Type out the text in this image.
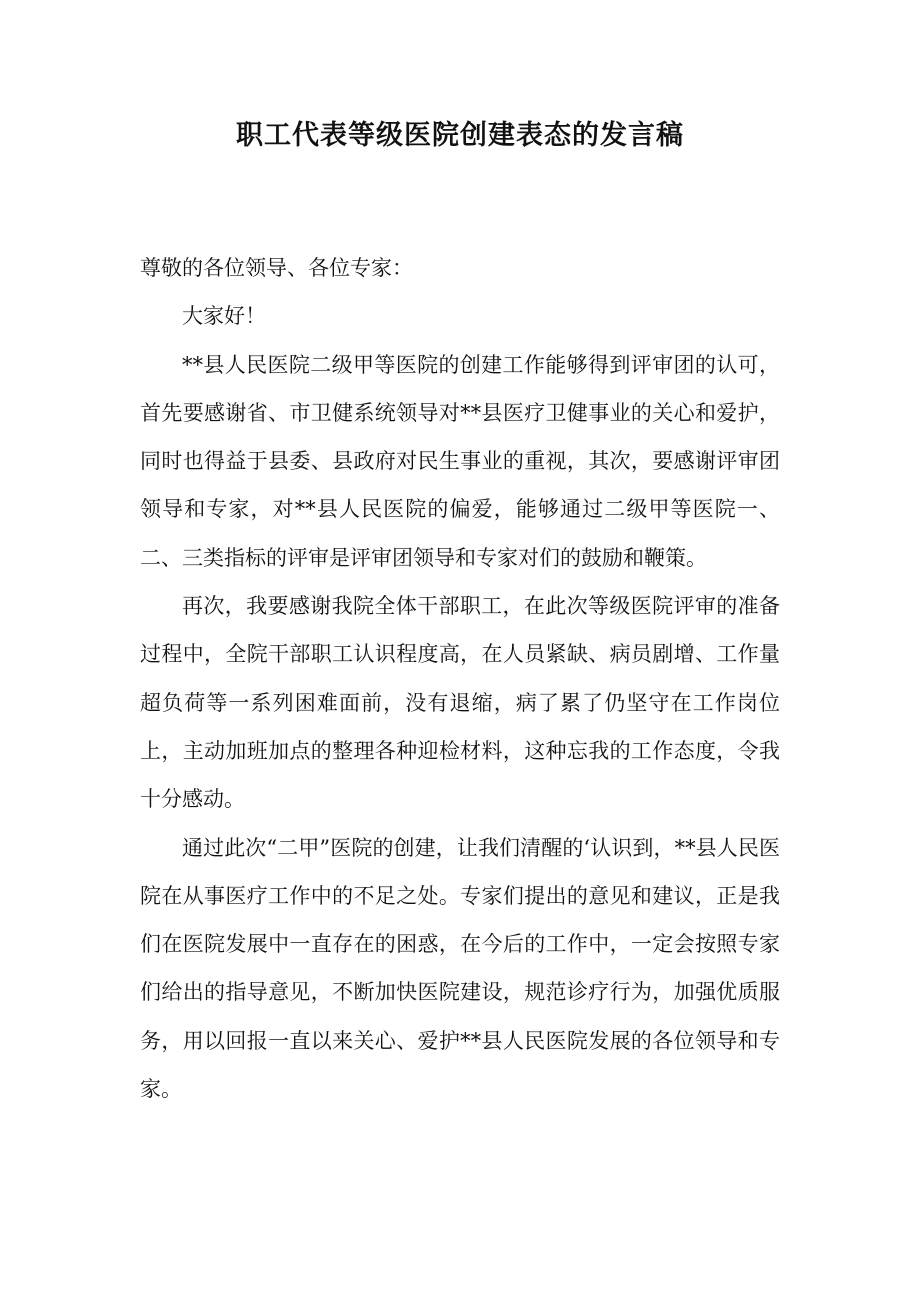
职工代表等级医院创建表态的发言稿

尊敬的各位领导、各位专家：

大家好！

**县人民医院二级甲等医院的创建工作能够得到评审团的认可，首先要感谢省、市卫健系统领导对**县医疗卫健事业的关心和爱护，同时也得益于县委、县政府对民生事业的重视，其次，要感谢评审团领导和专家，对**县人民医院的偏爱，能够通过二级甲等医院一、二、三类指标的评审是评审团领导和专家对们的鼓励和鞭策。

再次，我要感谢我院全体干部职工，在此次等级医院评审的准备过程中，全院干部职工认识程度高，在人员紧缺、病员剧增、工作量超负荷等一系列困难面前，没有退缩，病了累了仍坚守在工作岗位上，主动加班加点的整理各种迎检材料，这种忘我的工作态度，令我十分感动。

通过此次“二甲”医院的创建，让我们清醒的‘认识到，**县人民医院在从事医疗工作中的不足之处。专家们提出的意见和建议，正是我们在医院发展中一直存在的困惑，在今后的工作中，一定会按照专家们给出的指导意见，不断加快医院建设，规范诊疗行为，加强优质服务，用以回报一直以来关心、爱护**县人民医院发展的各位领导和专家。
